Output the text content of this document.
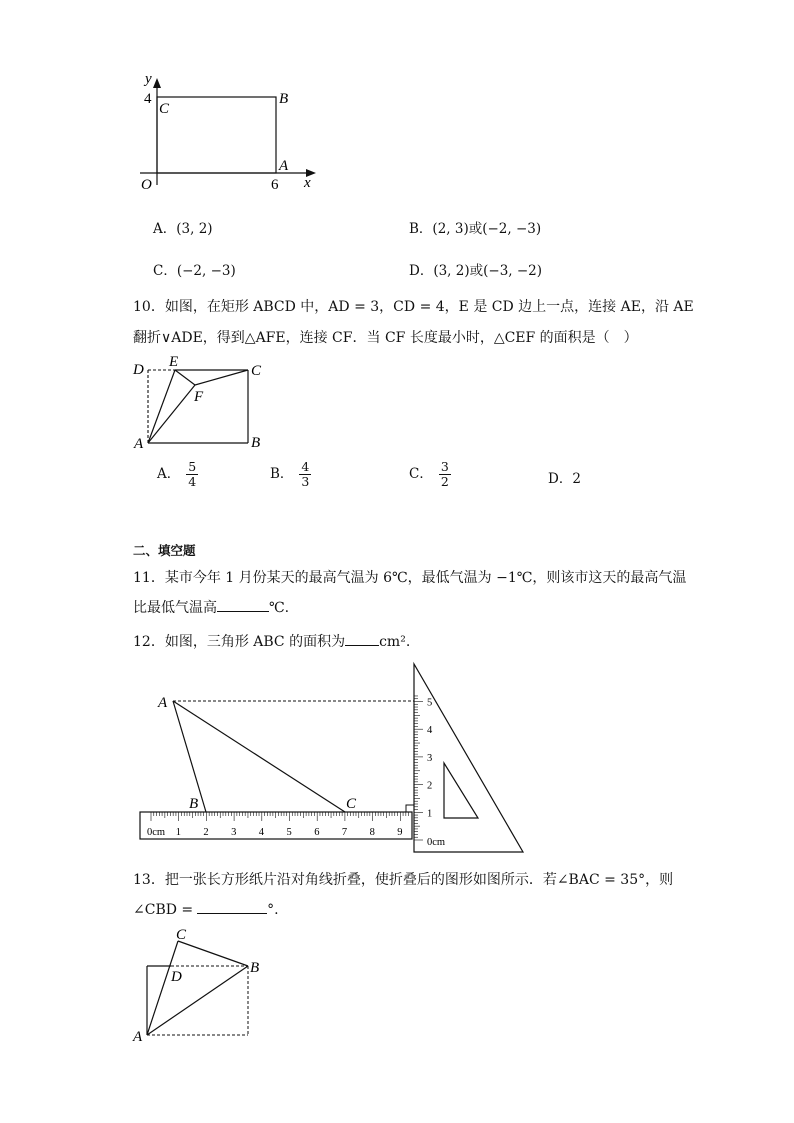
y
4
C
B
A
O	6 x
A．(3, 2)	B．(2, 3)或(−2, −3)
C．(−2, −3)	D．(3, 2)或(−3, −2)
10．如图，在矩形 ABCD 中，AD = 3，CD = 4，E 是 CD 边上一点，连接 AE，沿 AE
翻折∨ADE，得到△AFE，连接 CF．当 CF 长度最小时，△CEF 的面积是（　）
D E
C
F
A	B
A． $\frac{5}{4}$	B． $\frac{4}{3}$	C． $\frac{3}{2}$	D．2
二、填空题
11．某市今年 1 月份某天的最高气温为 6℃，最低气温为 −1℃，则该市这天的最高气温
比最低气温高	℃.
12．如图，三角形 ABC 的面积为 cm².
A
B	C
0cm
0cm
1 2 3 4 5 6 7 8 9
1
2
3
4
5
13．把一张长方形纸片沿对角线折叠，使折叠后的图形如图所示．若∠BAC = 35°，则
∠CBD =	°.
C
D
B
A
